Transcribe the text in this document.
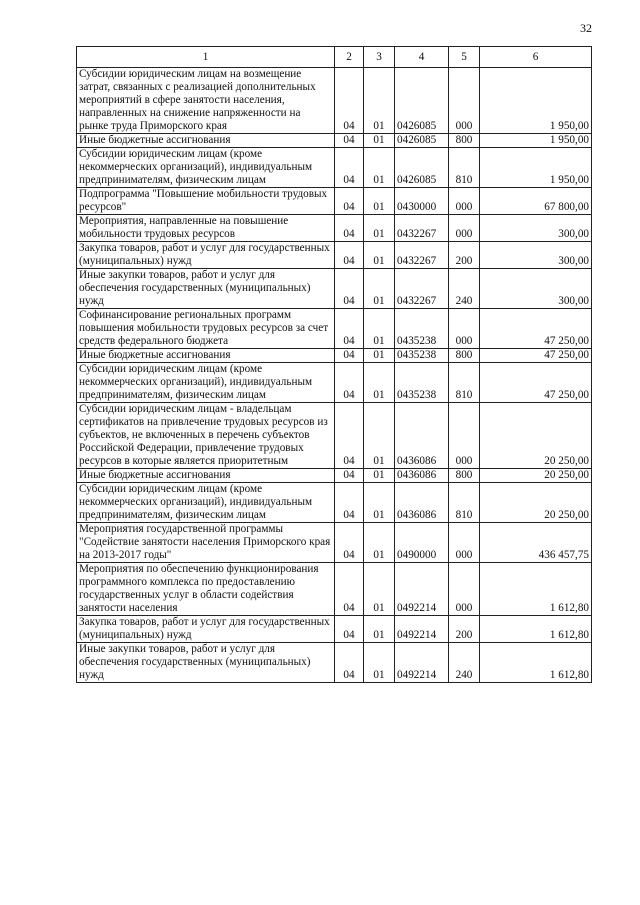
32
1	2	3	4	5	6
Субсидии юридическим лицам на возмещение затрат, связанных с реализацией дополнительных мероприятий в сфере занятости населения, направленных на снижение напряженности на рынке труда Приморского края	04	01	0426085	000	1 950,00
Иные бюджетные ассигнования	04	01	0426085	800	1 950,00
Субсидии юридическим лицам (кроме некоммерческих организаций), индивидуальным предпринимателям, физическим лицам	04	01	0426085	810	1 950,00
Подпрограмма "Повышение мобильности трудовых ресурсов"	04	01	0430000	000	67 800,00
Мероприятия, направленные на повышение мобильности трудовых ресурсов	04	01	0432267	000	300,00
Закупка товаров, работ и услуг для государственных (муниципальных) нужд	04	01	0432267	200	300,00
Иные закупки товаров, работ и услуг для обеспечения государственных (муниципальных) нужд	04	01	0432267	240	300,00
Софинансирование региональных программ повышения мобильности трудовых ресурсов за счет средств федерального бюджета	04	01	0435238	000	47 250,00
Иные бюджетные ассигнования	04	01	0435238	800	47 250,00
Субсидии юридическим лицам (кроме некоммерческих организаций), индивидуальным предпринимателям, физическим лицам	04	01	0435238	810	47 250,00
Субсидии юридическим лицам - владельцам сертификатов на привлечение трудовых ресурсов из субъектов, не включенных в перечень субъектов Российской Федерации, привлечение трудовых ресурсов в которые является приоритетным	04	01	0436086	000	20 250,00
Иные бюджетные ассигнования	04	01	0436086	800	20 250,00
Субсидии юридическим лицам (кроме некоммерческих организаций), индивидуальным предпринимателям, физическим лицам	04	01	0436086	810	20 250,00
Мероприятия государственной программы "Содействие занятости населения Приморского края на 2013-2017 годы"	04	01	0490000	000	436 457,75
Мероприятия по обеспечению функционирования программного комплекса по предоставлению государственных услуг в области содействия занятости населения	04	01	0492214	000	1 612,80
Закупка товаров, работ и услуг для государственных (муниципальных) нужд	04	01	0492214	200	1 612,80
Иные закупки товаров, работ и услуг для обеспечения государственных (муниципальных) нужд	04	01	0492214	240	1 612,80
